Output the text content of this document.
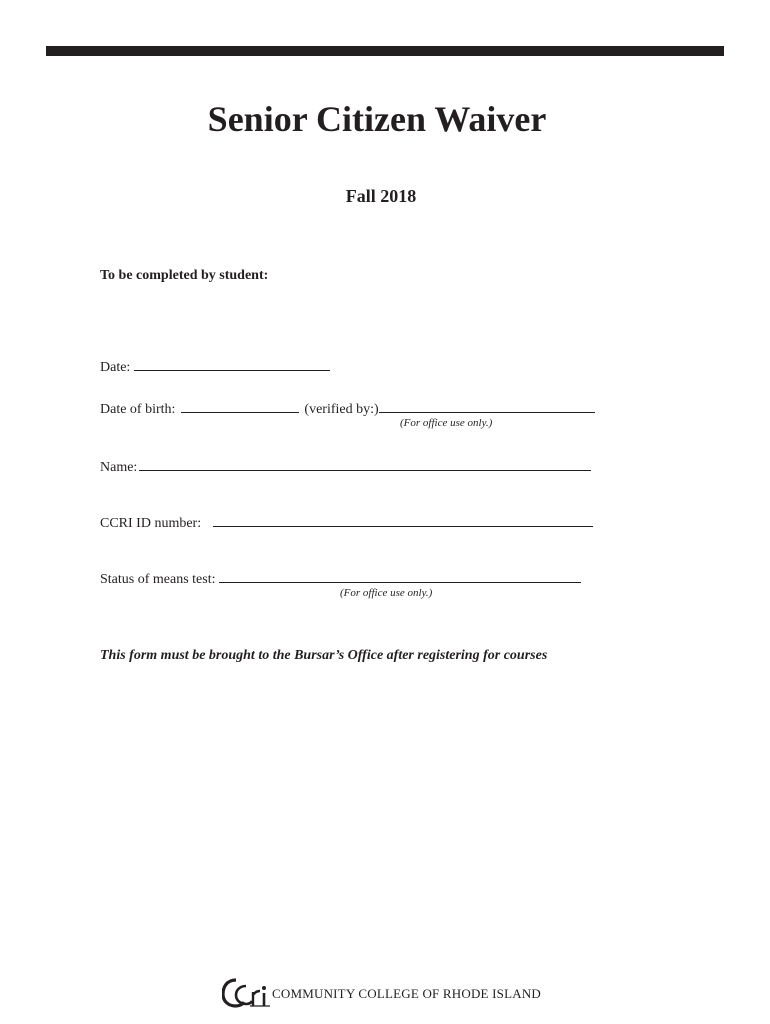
Senior Citizen Waiver
Fall 2018
To be completed by student:
Date:
Date of birth:	(verified by:)
(For office use only.)
Name:
CCRI ID number:
Status of means test:
(For office use only.)
This form must be brought to the Bursar’s Office after registering for courses
COMMUNITY COLLEGE OF RHODE ISLAND
